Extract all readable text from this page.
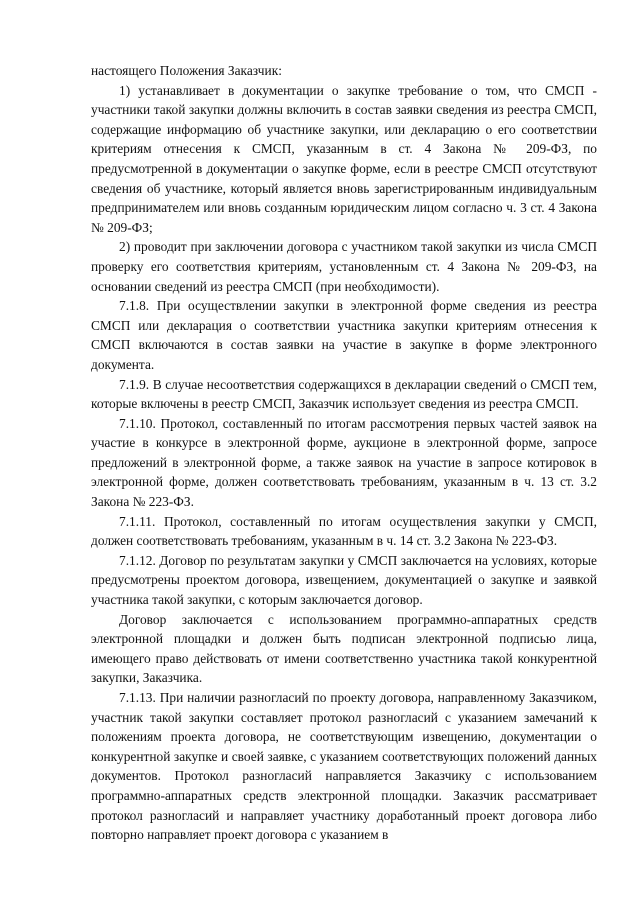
настоящего Положения Заказчик:

1) устанавливает в документации о закупке требование о том, что СМСП - участники такой закупки должны включить в состав заявки сведения из реестра СМСП, содержащие информацию об участнике закупки, или декларацию о его соответствии критериям отнесения к СМСП, указанным в ст. 4 Закона № 209-ФЗ, по предусмотренной в документации о закупке форме, если в реестре СМСП отсутствуют сведения об участнике, который является вновь зарегистрированным индивидуальным предпринимателем или вновь созданным юридическим лицом согласно ч. 3 ст. 4 Закона № 209-ФЗ;

2) проводит при заключении договора с участником такой закупки из числа СМСП проверку его соответствия критериям, установленным ст. 4 Закона № 209-ФЗ, на основании сведений из реестра СМСП (при необходимости).

7.1.8. При осуществлении закупки в электронной форме сведения из реестра СМСП или декларация о соответствии участника закупки критериям отнесения к СМСП включаются в состав заявки на участие в закупке в форме электронного документа.

7.1.9. В случае несоответствия содержащихся в декларации сведений о СМСП тем, которые включены в реестр СМСП, Заказчик использует сведения из реестра СМСП.

7.1.10. Протокол, составленный по итогам рассмотрения первых частей заявок на участие в конкурсе в электронной форме, аукционе в электронной форме, запросе предложений в электронной форме, а также заявок на участие в запросе котировок в электронной форме, должен соответствовать требованиям, указанным в ч. 13 ст. 3.2 Закона № 223-ФЗ.

7.1.11. Протокол, составленный по итогам осуществления закупки у СМСП, должен соответствовать требованиям, указанным в ч. 14 ст. 3.2 Закона № 223-ФЗ.

7.1.12. Договор по результатам закупки у СМСП заключается на условиях, которые предусмотрены проектом договора, извещением, документацией о закупке и заявкой участника такой закупки, с которым заключается договор.

Договор заключается с использованием программно-аппаратных средств электронной площадки и должен быть подписан электронной подписью лица, имеющего право действовать от имени соответственно участника такой конкурентной закупки, Заказчика.

7.1.13. При наличии разногласий по проекту договора, направленному Заказчиком, участник такой закупки составляет протокол разногласий с указанием замечаний к положениям проекта договора, не соответствующим извещению, документации о конкурентной закупке и своей заявке, с указанием соответствующих положений данных документов. Протокол разногласий направляется Заказчику с использованием программно-аппаратных средств электронной площадки. Заказчик рассматривает протокол разногласий и направляет участнику доработанный проект договора либо повторно направляет проект договора с указанием в
